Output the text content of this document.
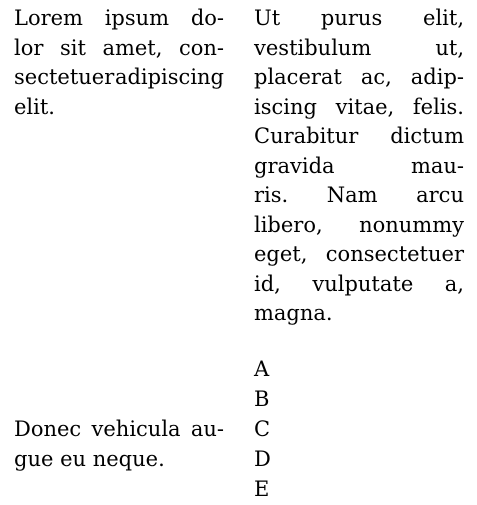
Lorem ipsum do-
lor sit amet, con-
sectetuer adipiscing
elit.
Donec vehicula au-
gue eu neque.
Ut purus elit,
vestibulum	ut,
placerat ac, adip-
iscing vitae, felis.
Curabitur dictum
gravida	mau-
ris. Nam arcu
libero, nonummy
eget, consectetuer
id, vulputate a,
magna.
A
B
C
D
E
